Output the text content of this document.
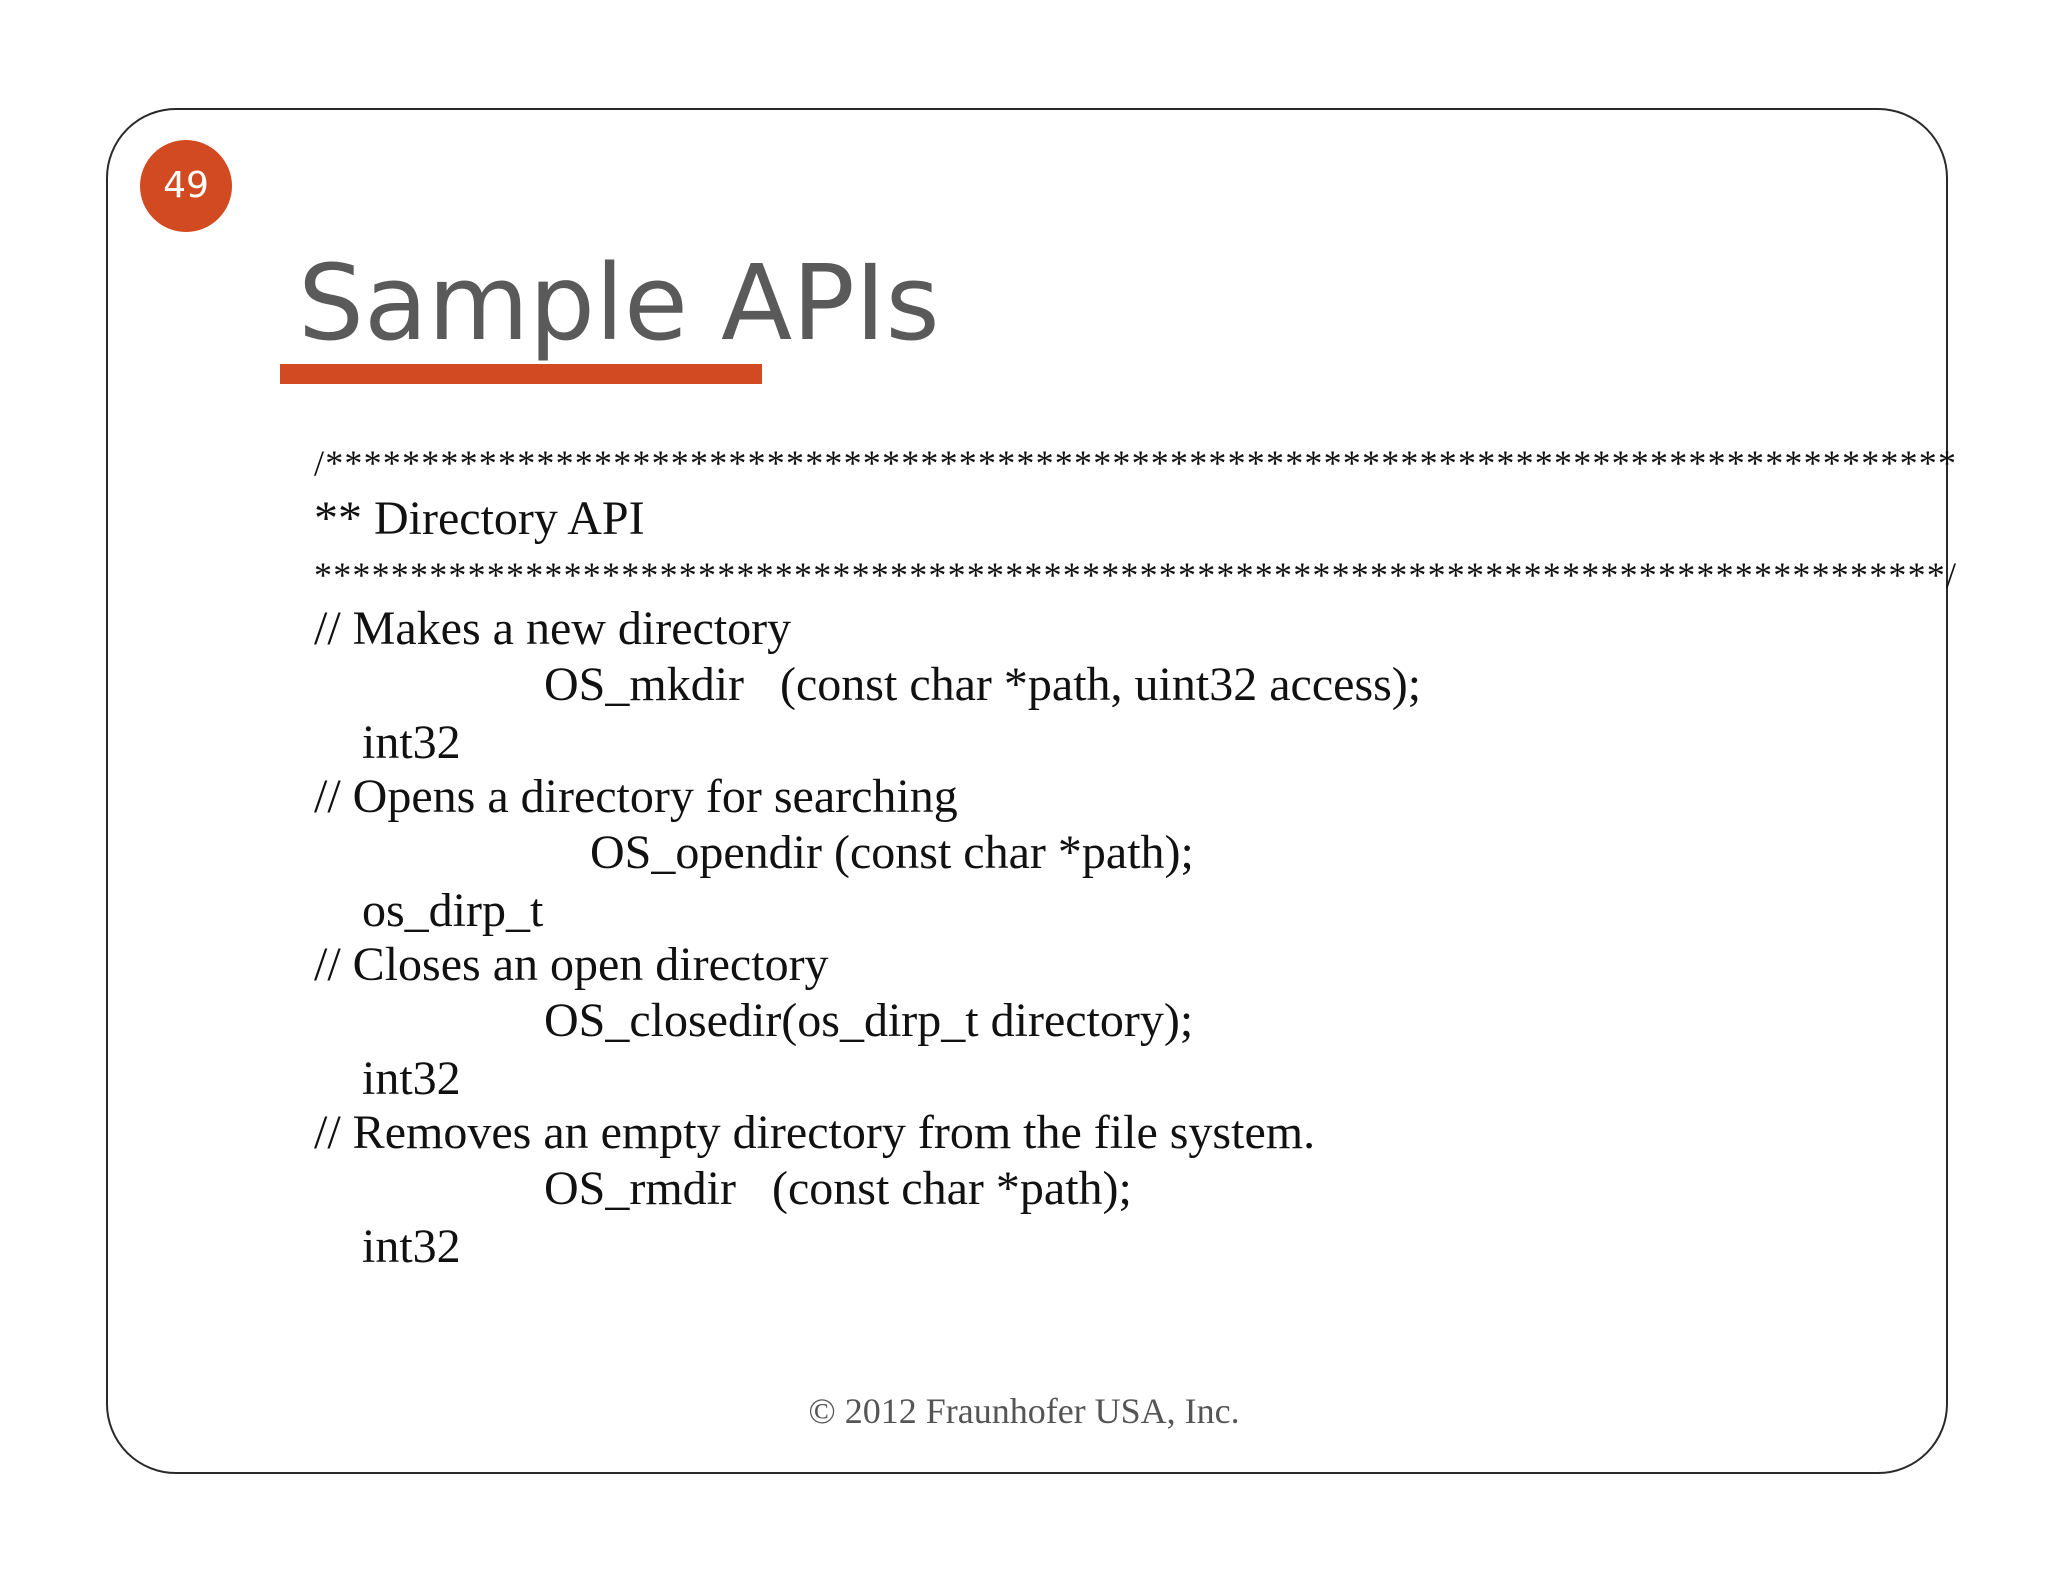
49
Sample APIs

/*************************************************************************************

** Directory API

*************************************************************************************/

// Makes a new directory

int32

OS_mkdir   (const char *path, uint32 access);

// Opens a directory for searching

os_dirp_t

OS_opendir (const char *path);

// Closes an open directory

int32

OS_closedir(os_dirp_t directory);

// Removes an empty directory from the file system.

int32

OS_rmdir   (const char *path);

© 2012 Fraunhofer USA, Inc.
